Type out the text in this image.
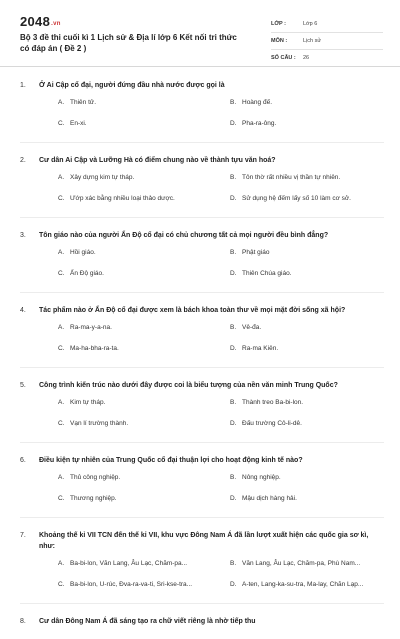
2048.vn
Bộ 3 đề thi cuối kì 1 Lịch sử & Địa lí lớp 6 Kết nối tri thức có đáp án ( Đề 2 )
LỚP :	Lớp 6
MÔN :	Lịch sử
SỐ CÂU : 26
1. Ở Ai Cập cổ đại, người đứng đầu nhà nước được gọi là
A. Thiên tử.	B. Hoàng đế.
C. En-xi.	D. Pha-ra-ông.
2. Cư dân Ai Cập và Lưỡng Hà có điểm chung nào về thành tựu văn hoá?
A. Xây dựng kim tự tháp.	B. Tôn thờ rất nhiều vị thần tự nhiên.
C. Ướp xác bằng nhiều loại thảo dược.	D. Sử dụng hệ đếm lấy số 10 làm cơ sở.
3. Tôn giáo nào của người Ấn Độ cổ đại có chủ chương tất cả mọi người đều bình đẳng?
A. Hồi giáo.	B. Phật giáo
C. Ấn Độ giáo.	D. Thiên Chúa giáo.
4. Tác phẩm nào ở Ấn Độ cổ đại được xem là bách khoa toàn thư về mọi mặt đời sống xã hội?
A. Ra-ma-y-a-na.	B. Vê-đa.
C. Ma-ha-bha-ra-ta.	D. Ra-ma Kiên.
5. Công trình kiến trúc nào dưới đây được coi là biểu tượng của nền văn minh Trung Quốc?
A. Kim tự tháp.	B. Thành treo Ba-bi-lon.
C. Vạn lí trường thành.	D. Đấu trường Cô-li-dê.
6. Điều kiện tự nhiên của Trung Quốc cổ đại thuận lợi cho hoạt động kinh tế nào?
A. Thủ công nghiệp.	B. Nông nghiệp.
C. Thương nghiệp.	D. Mậu dịch hàng hải.
7. Khoảng thế kỉ VII TCN đến thế kỉ VII, khu vực Đông Nam Á đã lần lượt xuất hiện các quốc gia sơ kì, như:
A. Ba-bi-lon, Văn Lang, Âu Lạc, Chăm-pa...	B. Văn Lang, Âu Lạc, Chăm-pa, Phù Nam...
C. Ba-bi-lon, U-rúc, Đva-ra-va-ti, Sri-kse-tra...	D. A-ten, Lang-ka-su-tra, Ma-lay, Chăn Lạp...
8. Cư dân Đông Nam Á đã sáng tạo ra chữ viết riêng là nhờ tiếp thu
